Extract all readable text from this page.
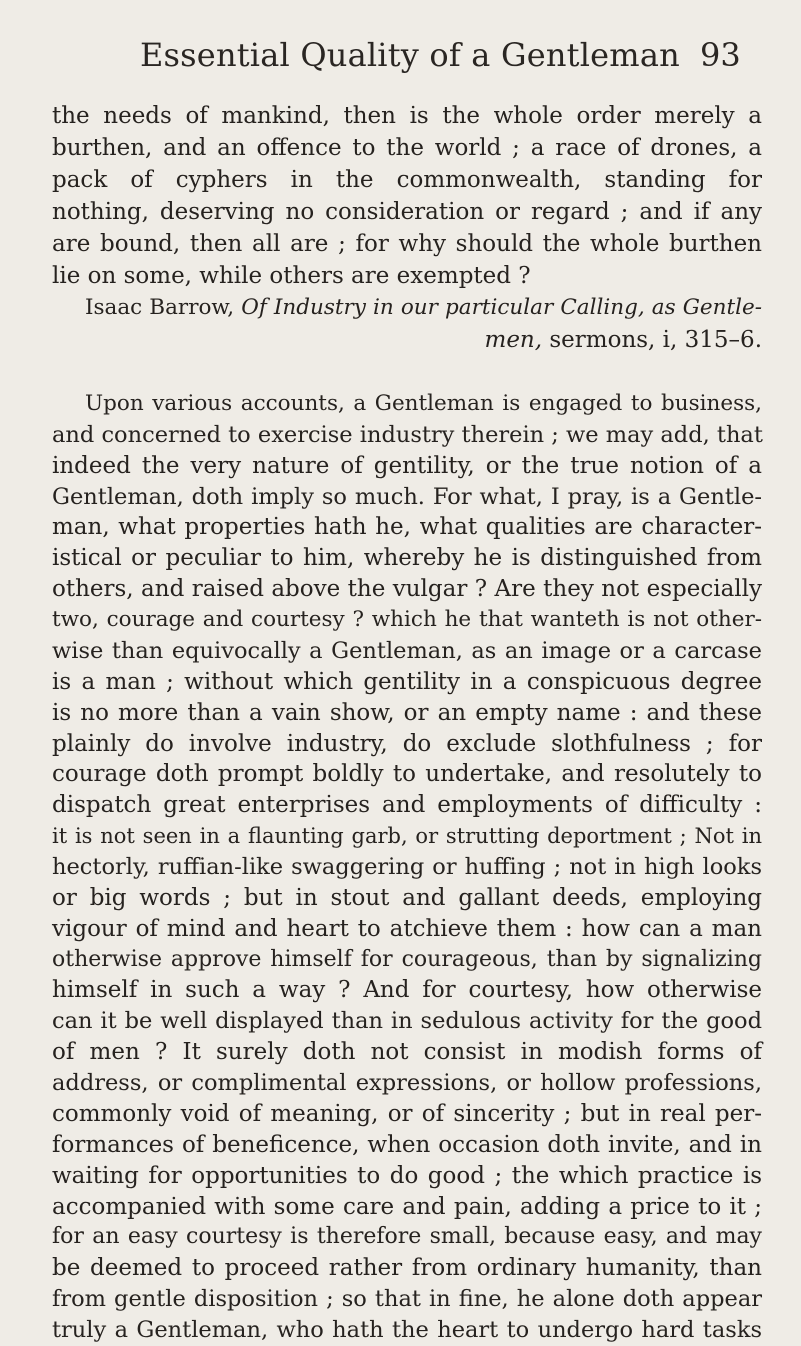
Essential Quality of a Gentleman 93
the needs of mankind, then is the whole order merely a
burthen, and an offence to the world ; a race of drones, a
pack of cyphers in the commonwealth, standing for
nothing, deserving no consideration or regard ; and if any
are bound, then all are ; for why should the whole burthen
lie on some, while others are exempted ?
Isaac Barrow, Of Industry in our particular Calling, as Gentle-
men, sermons, i, 315–6.
Upon various accounts, a Gentleman is engaged to business,
and concerned to exercise industry therein ; we may add, that
indeed the very nature of gentility, or the true notion of a
Gentleman, doth imply so much. For what, I pray, is a Gentle-
man, what properties hath he, what qualities are character-
istical or peculiar to him, whereby he is distinguished from
others, and raised above the vulgar ? Are they not especially
two, courage and courtesy ? which he that wanteth is not other-
wise than equivocally a Gentleman, as an image or a carcase
is a man ; without which gentility in a conspicuous degree
is no more than a vain show, or an empty name : and these
plainly do involve industry, do exclude slothfulness ; for
courage doth prompt boldly to undertake, and resolutely to
dispatch great enterprises and employments of difficulty :
it is not seen in a flaunting garb, or strutting deportment ; Not in
hectorly, ruffian-like swaggering or huffing ; not in high looks
or big words ; but in stout and gallant deeds, employing
vigour of mind and heart to atchieve them : how can a man
otherwise approve himself for courageous, than by signalizing
himself in such a way ? And for courtesy, how otherwise
can it be well displayed than in sedulous activity for the good
of men ? It surely doth not consist in modish forms of
address, or complimental expressions, or hollow professions,
commonly void of meaning, or of sincerity ; but in real per-
formances of beneficence, when occasion doth invite, and in
waiting for opportunities to do good ; the which practice is
accompanied with some care and pain, adding a price to it ;
for an easy courtesy is therefore small, because easy, and may
be deemed to proceed rather from ordinary humanity, than
from gentle disposition ; so that in fine, he alone doth appear
truly a Gentleman, who hath the heart to undergo hard tasks
